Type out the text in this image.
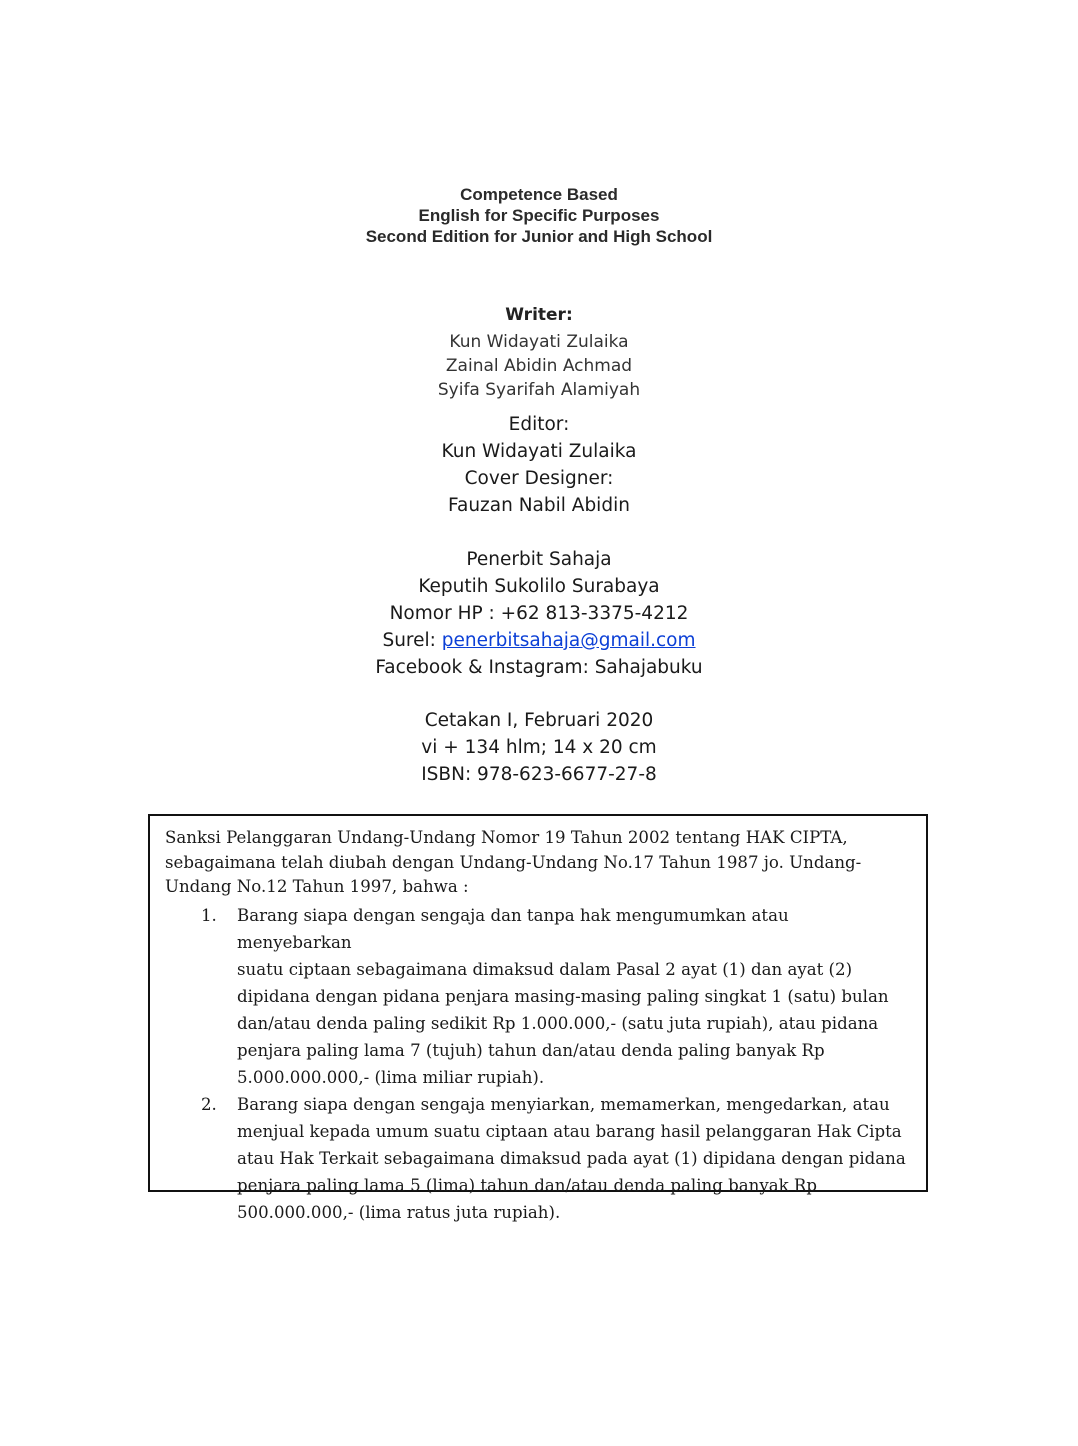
Competence Based
English for Specific Purposes
Second Edition for Junior and High School
Writer:
Kun Widayati Zulaika
Zainal Abidin Achmad
Syifa Syarifah Alamiyah
Editor:
Kun Widayati Zulaika
Cover Designer:
Fauzan Nabil Abidin
Penerbit Sahaja
Keputih Sukolilo Surabaya
Nomor HP : +62 813-3375-4212
Surel: penerbitsahaja@gmail.com
Facebook & Instagram: Sahajabuku
Cetakan I, Februari 2020
vi + 134 hlm; 14 x 20 cm
ISBN: 978-623-6677-27-8
Sanksi Pelanggaran Undang-Undang Nomor 19 Tahun 2002 tentang HAK CIPTA,
sebagaimana telah diubah dengan Undang-Undang No.17 Tahun 1987 jo. Undang-
Undang No.12 Tahun 1997, bahwa :
1. Barang siapa dengan sengaja dan tanpa hak mengumumkan atau menyebarkan
suatu ciptaan sebagaimana dimaksud dalam Pasal 2 ayat (1) dan ayat (2)
dipidana dengan pidana penjara masing-masing paling singkat 1 (satu) bulan
dan/atau denda paling sedikit Rp 1.000.000,- (satu juta rupiah), atau pidana
penjara paling lama 7 (tujuh) tahun dan/atau denda paling banyak Rp
5.000.000.000,- (lima miliar rupiah).
2. Barang siapa dengan sengaja menyiarkan, memamerkan, mengedarkan, atau
menjual kepada umum suatu ciptaan atau barang hasil pelanggaran Hak Cipta
atau Hak Terkait sebagaimana dimaksud pada ayat (1) dipidana dengan pidana
penjara paling lama 5 (lima) tahun dan/atau denda paling banyak Rp
500.000.000,- (lima ratus juta rupiah).
